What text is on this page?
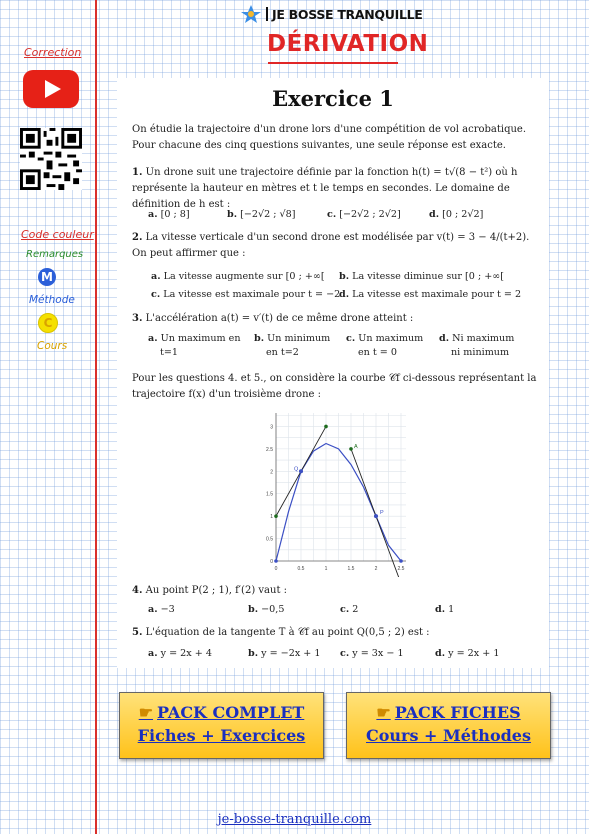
JE BOSSE TRANQUILLE
DÉRIVATION
Correction
Code couleur
Remarques
M
Méthode
C
Cours
Exercice 1
On étudie la trajectoire d'un drone lors d'une compétition de vol acrobatique. Pour chacune des cinq questions suivantes, une seule réponse est exacte.
1. Un drone suit une trajectoire définie par la fonction h(t) = t√(8 − t²) où h représente la hauteur en mètres et t le temps en secondes. Le domaine de définition de h est :
a. [0 ; 8]	b. [−2√2 ; √8]	c. [−2√2 ; 2√2]	d. [0 ; 2√2]
2. La vitesse verticale d'un second drone est modélisée par v(t) = 3 − 4/(t+2). On peut affirmer que :
a. La vitesse augmente sur [0 ; +∞[ b. La vitesse diminue sur [0 ; +∞[
c. La vitesse est maximale pour t = −2
d. La vitesse est maximale pour t = 2
3. L'accélération a(t) = v′(t) de ce même drone atteint :
a. Un maximum en
t=1
b. Un minimum
en t=2
c. Un maximum
en t = 0
d. Ni maximum
ni minimum
Pour les questions 4. et 5., on considère la courbe 𝒞f ci-dessous représentant la trajectoire f(x) d'un troisième drone :
0	0.5	1	1.5	2	2.5
0
0.5
1
1.5
2
2.5
3
Q
A
P
4. Au point P(2 ; 1), f′(2) vaut :
a. −3	b. −0,5	c. 2	d. 1
5. L'équation de la tangente T à 𝒞f au point Q(0,5 ; 2) est :
a. y = 2x + 4	b. y = −2x + 1 c. y = 3x − 1	d. y = 2x + 1
☛ PACK COMPLET
Fiches + Exercices
☛ PACK FICHES
Cours + Méthodes
je-bosse-tranquille.com
